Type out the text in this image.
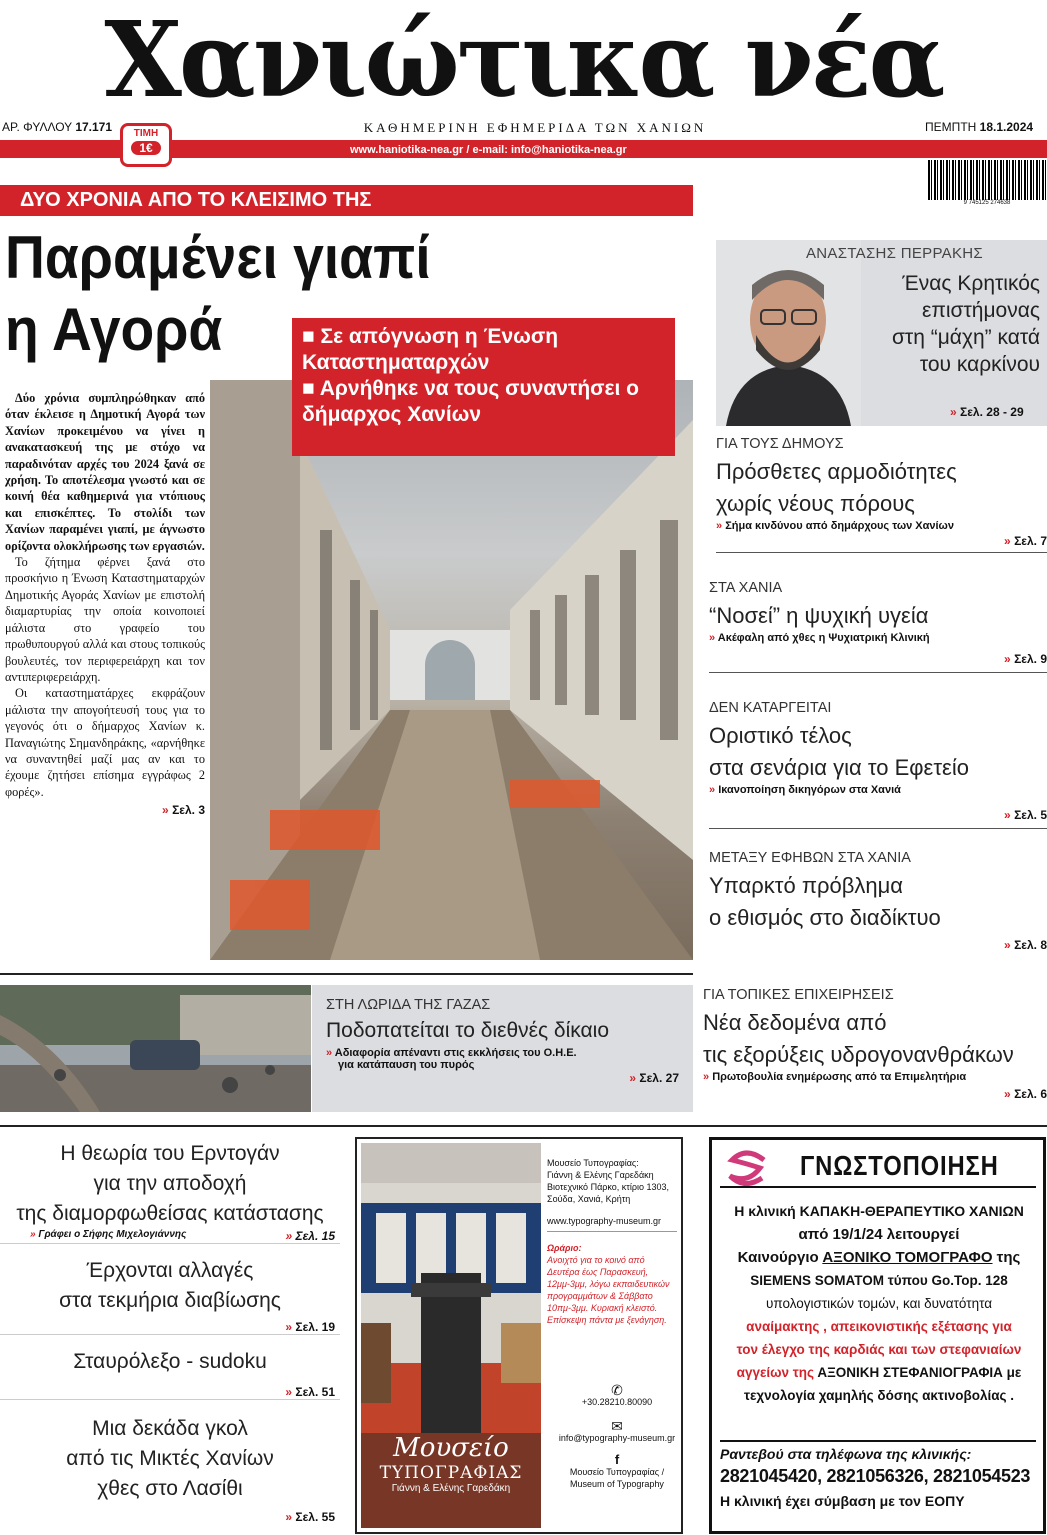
Χανιώτικα νέα
ΑΡ. ΦΥΛΛΟΥ 17.171	ΚΑΘΗΜΕΡΙΝΗ ΕΦΗΜΕΡΙΔΑ ΤΩΝ ΧΑΝΙΩΝ	ΠΕΜΠΤΗ 18.1.2024
ΤΙΜΗ
1€	www.haniotika-nea.gr / e-mail: info@haniotika-nea.gr
9 745125 274638
ΔΥΟ ΧΡΟΝΙΑ ΑΠΟ ΤΟ ΚΛΕΙΣΙΜΟ ΤΗΣ
Παραμένει γιαπί
η Αγορά

Δύο χρόνια συμπληρώθηκαν από όταν έκλεισε η Δημοτική Αγορά των Χανίων προκειμένου να γίνει η ανακατασκευή της με στόχο να παραδινόταν αρχές του 2024 ξανά σε χρήση. Το αποτέλεσμα γνωστό και σε κοινή θέα καθημερινά για ντόπιους και επισκέπτες. Το στολίδι των Χανίων παραμένει γιαπί, με άγνωστο ορίζοντα ολοκλήρωσης των εργασιών.

Το ζήτημα φέρνει ξανά στο προσκήνιο η Ένωση Καταστηματαρχών Δημοτικής Αγοράς Χανίων με επιστολή διαμαρτυρίας την οποία κοινοποιεί μάλιστα στο γραφείο του πρωθυπουργού αλλά και στους τοπικούς βουλευτές, τον περιφερειάρχη και τον αντιπεριφερειάρχη.

Οι καταστηματάρχες εκφράζουν μάλιστα την απογοήτευσή τους για το γεγονός ότι ο δήμαρχος Χανίων κ. Παναγιώτης Σημανδηράκης, «αρνήθηκε να συναντηθεί μαζί μας αν και το έχουμε ζητήσει επίσημα εγγράφως 2 φορές».

» Σελ. 3
■ Σε απόγνωση η Ένωση Καταστηματαρχών
■ Αρνήθηκε να τους συναντήσει ο δήμαρχος Χανίων
ΑΝΑΣΤΑΣΗΣ ΠΕΡΡΑΚΗΣ
Ένας Κρητικός
επιστήμονας
στη “μάχη” κατά
του καρκίνου
» Σελ. 28 - 29
ΓΙΑ ΤΟΥΣ ΔΗΜΟΥΣ
Πρόσθετες αρμοδιότητες
χωρίς νέους πόρους
» Σήμα κινδύνου από δημάρχους των Χανίων
» Σελ. 7
ΣΤΑ ΧΑΝΙΑ
“Νοσεί” η ψυχική υγεία
» Ακέφαλη από χθες η Ψυχιατρική Κλινική
» Σελ. 9
ΔΕΝ ΚΑΤΑΡΓΕΙΤΑΙ
Οριστικό τέλος
στα σενάρια για το Εφετείο
» Ικανοποίηση δικηγόρων στα Χανιά
» Σελ. 5
ΜΕΤΑΞΥ ΕΦΗΒΩΝ ΣΤΑ ΧΑΝΙΑ
Υπαρκτό πρόβλημα
ο εθισμός στο διαδίκτυο
» Σελ. 8
ΣΤΗ ΛΩΡΙΔΑ ΤΗΣ ΓΑΖΑΣ
Ποδοπατείται το διεθνές δίκαιο
» Αδιαφορία απέναντι στις εκκλήσεις του Ο.Η.Ε.
για κατάπαυση του πυρός
» Σελ. 27
ΓΙΑ ΤΟΠΙΚΕΣ ΕΠΙΧΕΙΡΗΣΕΙΣ
Νέα δεδομένα από
τις εξορύξεις υδρογονανθράκων
» Πρωτοβουλία ενημέρωσης από τα Επιμελητήρια
» Σελ. 6
Η θεωρία του Ερντογάν
για την αποδοχή
της διαμορφωθείσας κατάστασης
» Γράφει ο Σήφης Μιχελογιάννης	» Σελ. 15
Έρχονται αλλαγές
στα τεκμήρια διαβίωσης
» Σελ. 19
Σταυρόλεξο - sudoku
» Σελ. 51
Μια δεκάδα γκολ
από τις Μικτές Χανίων
χθες στο Λασίθι
» Σελ. 55
Μουσείο
ΤΥΠΟΓΡΑΦΙΑΣ
Γιάννη & Ελένης Γαρεδάκη
Μουσείο Τυπογραφίας:
Γιάννη & Ελένης Γαρεδάκη
Βιοτεχνικό Πάρκο, κτίριο 1303,
Σούδα, Χανιά, Κρήτη
www.typography-museum.gr
Ωράριο:
Ανοιχτό για το κοινό από Δευτέρα έως Παρασκευή, 12μμ-3μμ, λόγω εκπαιδευτικών προγραμμάτων & Σάββατο 10πμ-3μμ. Κυριακή κλειστό. Επίσκεψη πάντα με ξενάγηση.
✆
+30.28210.80090
✉
info@typography-museum.gr
f
Μουσείο Τυπογραφίας /
Museum of Typography
ΓΝΩΣΤΟΠΟΙΗΣΗ
Η κλινική ΚΑΠΑΚΗ-ΘΕΡΑΠΕΥΤΙΚΟ ΧΑΝΙΩΝ
από 19/1/24 λειτουργεί
Καινούργιο ΑΞΟΝΙΚΟ ΤΟΜΟΓΡΑΦΟ της
SIEMENS SOMATOM τύπου Go.Top. 128
υπολογιστικών τομών, και δυνατότητα
αναίμακτης , απεικονιστικής εξέτασης για
τον έλεγχο της καρδιάς και των στεφανιαίων
αγγείων της ΑΞΟΝΙΚΗ ΣΤΕΦΑΝΙΟΓΡΑΦΙΑ με
τεχνολογία χαμηλής δόσης ακτινοβολίας .
Ραντεβού στα τηλέφωνα της κλινικής:
2821045420, 2821056326, 2821054523
Η κλινική έχει σύμβαση με τον ΕΟΠΥ
